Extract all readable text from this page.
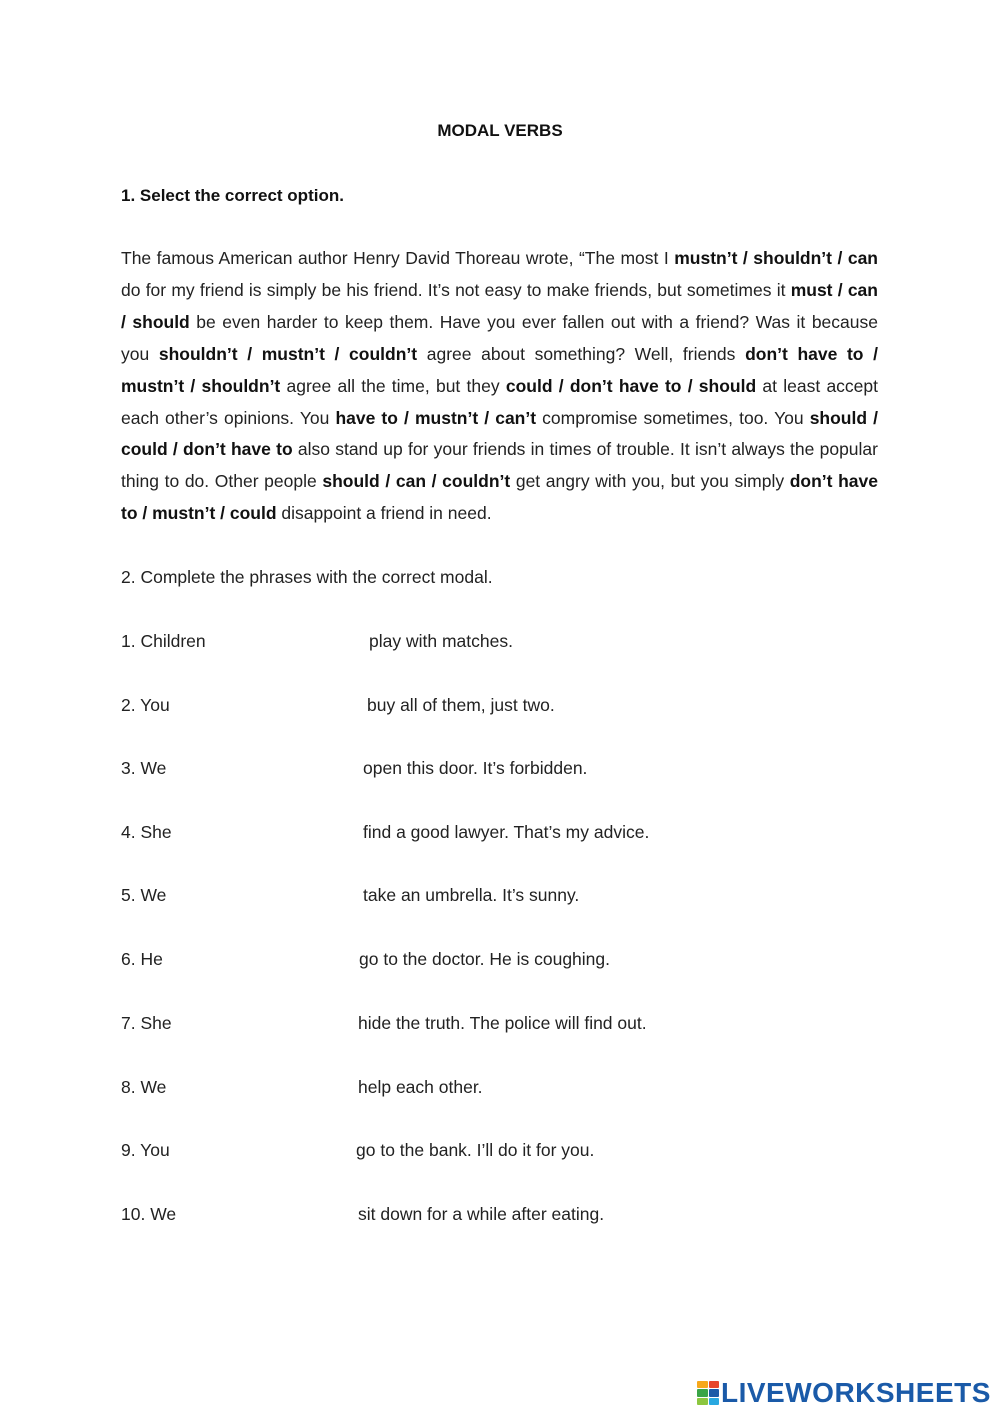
MODAL VERBS
1. Select the correct option.
The famous American author Henry David Thoreau wrote, “The most I mustn’t / shouldn’t / can do for my friend is simply be his friend. It’s not easy to make friends, but sometimes it must / can / should be even harder to keep them. Have you ever fallen out with a friend? Was it because you shouldn’t / mustn’t / couldn’t agree about something? Well, friends don’t have to / mustn’t / shouldn’t agree all the time, but they could / don’t have to / should at least accept each other’s opinions. You have to / mustn’t / can’t compromise sometimes, too. You should / could / don’t have to also stand up for your friends in times of trouble. It isn’t always the popular thing to do. Other people should / can / couldn’t get angry with you, but you simply don’t have to / mustn’t / could disappoint a friend in need.
2. Complete the phrases with the correct modal.
1. Children	play with matches.
2. You	buy all of them, just two.
3. We	open this door. It’s forbidden.
4. She	find a good lawyer. That’s my advice.
5. We	take an umbrella. It’s sunny.
6. He	go to the doctor. He is coughing.
7. She	hide the truth. The police will find out.
8. We	help each other.
9. You	go to the bank. I’ll do it for you.
10. We	sit down for a while after eating.
LIVEWORKSHEETS
